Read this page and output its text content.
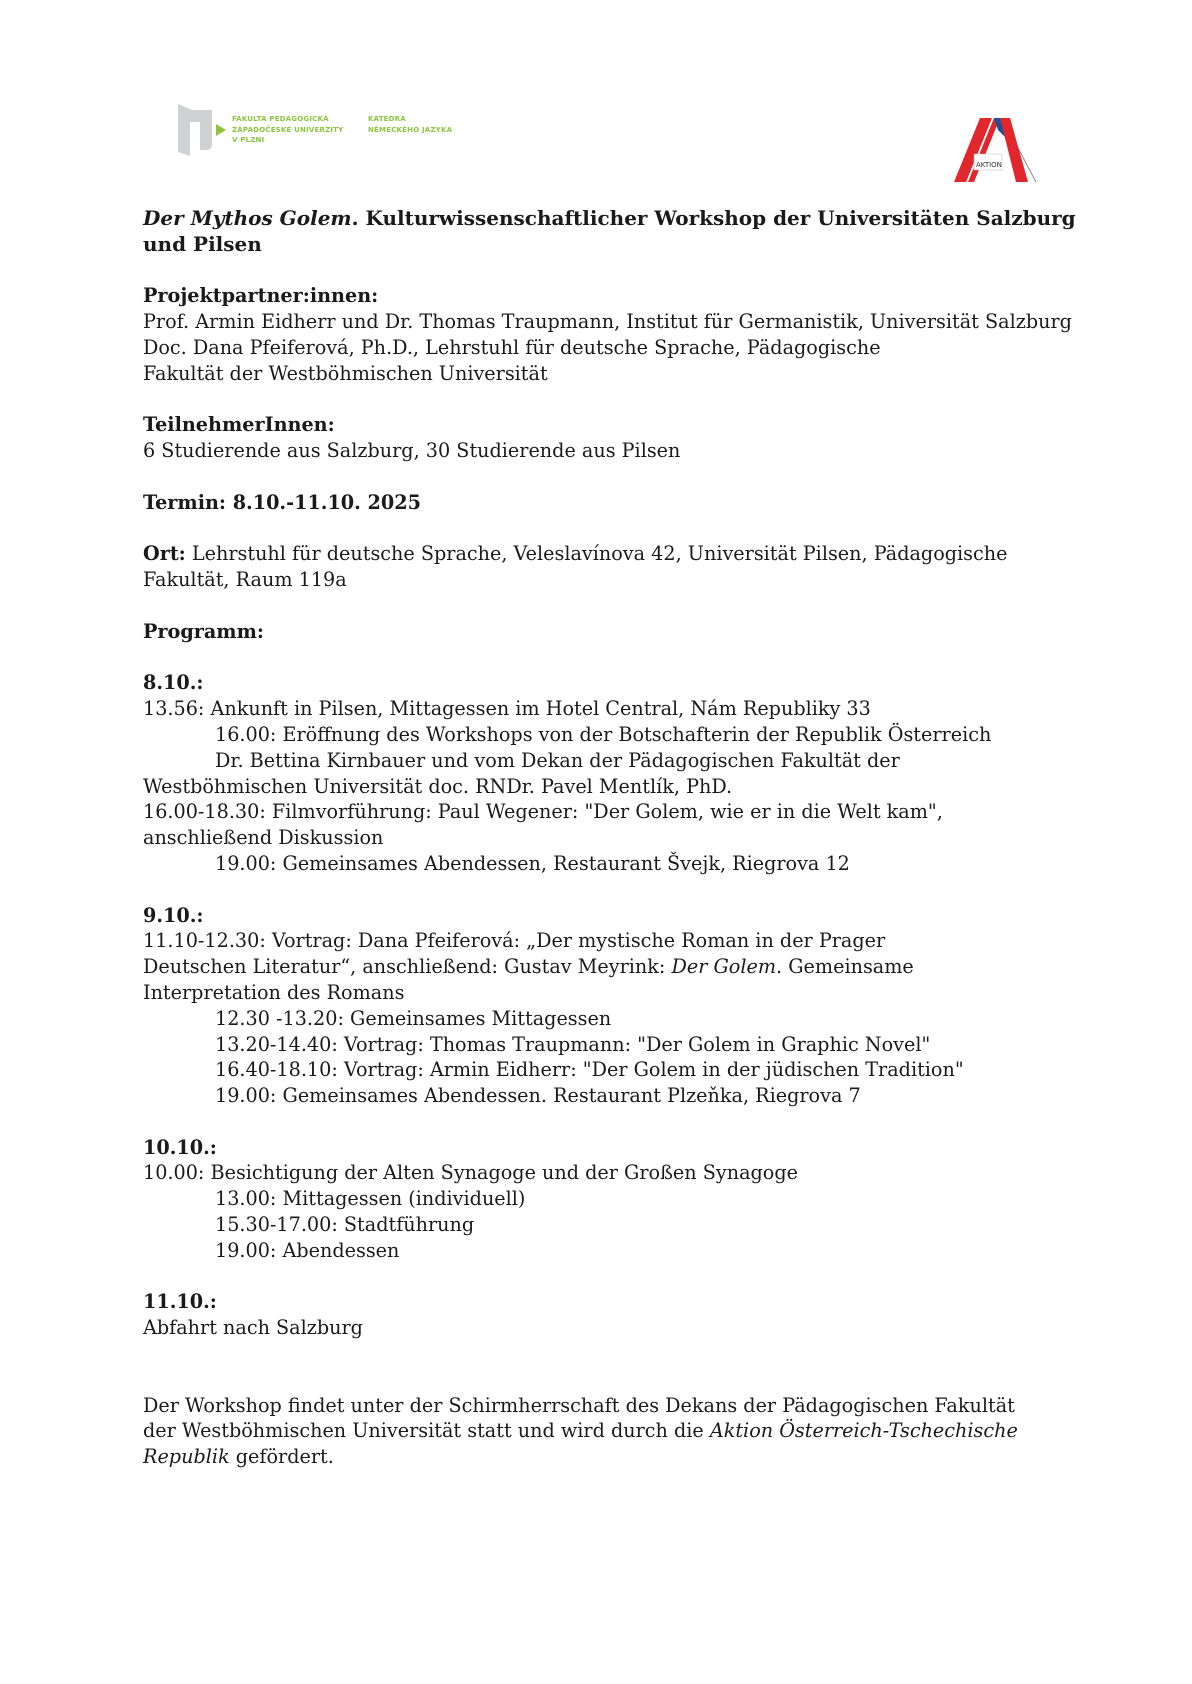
FAKULTA PEDAGOGICKÁ
ZÁPADOČESKÉ UNIVERZITY
V PLZNI
KATEDRA
NĚMECKÉHO JAZYKA
AKTION

Der Mythos Golem. Kulturwissenschaftlicher Workshop der Universitäten Salzburg und Pilsen

Projektpartner:innen:

Prof. Armin Eidherr und Dr. Thomas Traupmann, Institut für Germanistik, Universität Salzburg

Doc. Dana Pfeiferová, Ph.D., Lehrstuhl für deutsche Sprache, Pädagogische Fakultät der Westböhmischen Universität

TeilnehmerInnen:

6 Studierende aus Salzburg, 30 Studierende aus Pilsen

Termin: 8.10.-11.10. 2025

Ort: Lehrstuhl für deutsche Sprache, Veleslavínova 42, Universität Pilsen, Pädagogische Fakultät, Raum 119a

Programm:

8.10.:

13.56: Ankunft in Pilsen, Mittagessen im Hotel Central, Nám Republiky 33

16.00: Eröffnung des Workshops von der Botschafterin der Republik Österreich

Dr. Bettina Kirnbauer und vom Dekan der Pädagogischen Fakultät der

Westböhmischen Universität doc. RNDr. Pavel Mentlík, PhD.

16.00-18.30: Filmvorführung: Paul Wegener: "Der Golem, wie er in die Welt kam",

anschließend Diskussion

19.00: Gemeinsames Abendessen, Restaurant Švejk, Riegrova 12

9.10.:

11.10-12.30: Vortrag: Dana Pfeiferová: „Der mystische Roman in der Prager Deutschen Literatur“, anschließend: Gustav Meyrink: Der Golem. Gemeinsame Interpretation des Romans

12.30 -13.20: Gemeinsames Mittagessen

13.20-14.40: Vortrag: Thomas Traupmann: "Der Golem in Graphic Novel"

16.40-18.10: Vortrag: Armin Eidherr: "Der Golem in der jüdischen Tradition"

19.00: Gemeinsames Abendessen. Restaurant Plzeňka, Riegrova 7

10.10.:

10.00: Besichtigung der Alten Synagoge und der Großen Synagoge

13.00: Mittagessen (individuell)

15.30-17.00: Stadtführung

19.00: Abendessen

11.10.:

Abfahrt nach Salzburg

Der Workshop findet unter der Schirmherrschaft des Dekans der Pädagogischen Fakultät der Westböhmischen Universität statt und wird durch die Aktion Österreich-Tschechische Republik gefördert.
